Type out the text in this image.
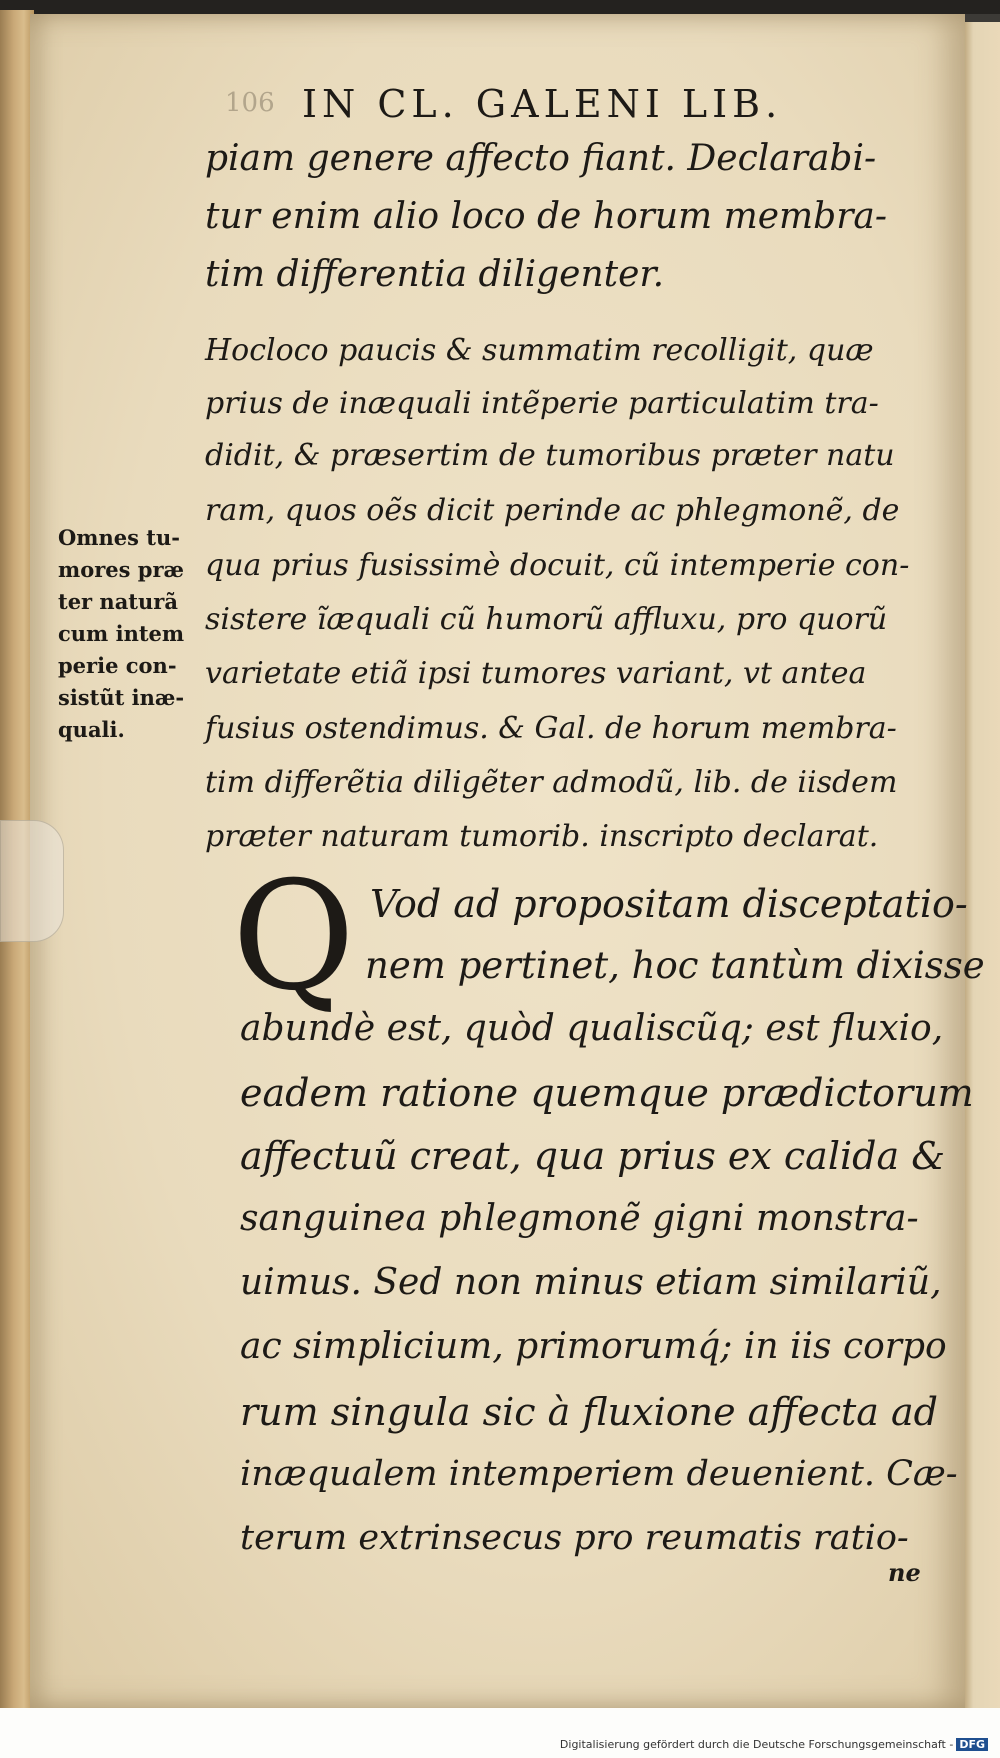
106 IN CL. GALENI LIB.
piam genere affecto fiant. Declarabi-
tur enim alio loco de horum membra-
tim differentia diligenter.
Hocloco paucis & summatim recolligit, quæ
prius de inæquali intẽperie particulatim tra-
didit, & præsertim de tumoribus præter natu
ram, quos oẽs dicit perinde ac phlegmonẽ, de
qua prius fusissimè docuit, cũ intemperie con-
sistere ĩæquali cũ humorũ affluxu, pro quorũ
varietate etiã ipsi tumores variant, vt antea
fusius ostendimus. & Gal. de horum membra-
tim differẽtia diligẽter admodũ, lib. de iisdem
præter naturam tumorib. inscripto declarat.
Omnes tu-
mores præ
ter naturã
cum intem
perie con-
sistũt inæ-
quali.
Q Vod ad propositam disceptatio-
nem pertinet, hoc tantùm dixisse
abundè est, quòd qualiscũq; est fluxio,
eadem ratione quemque prædictorum
affectuũ creat, qua prius ex calida &
sanguinea phlegmonẽ gigni monstra-
uimus. Sed non minus etiam similariũ,
ac simplicium, primorumq́; in iis corpo
rum singula sic à fluxione affecta ad
inæqualem intemperiem deuenient. Cæ-
terum extrinsecus pro reumatis ratio-
ne
Digitalisierung gefördert durch die Deutsche Forschungsgemeinschaft - DFG
